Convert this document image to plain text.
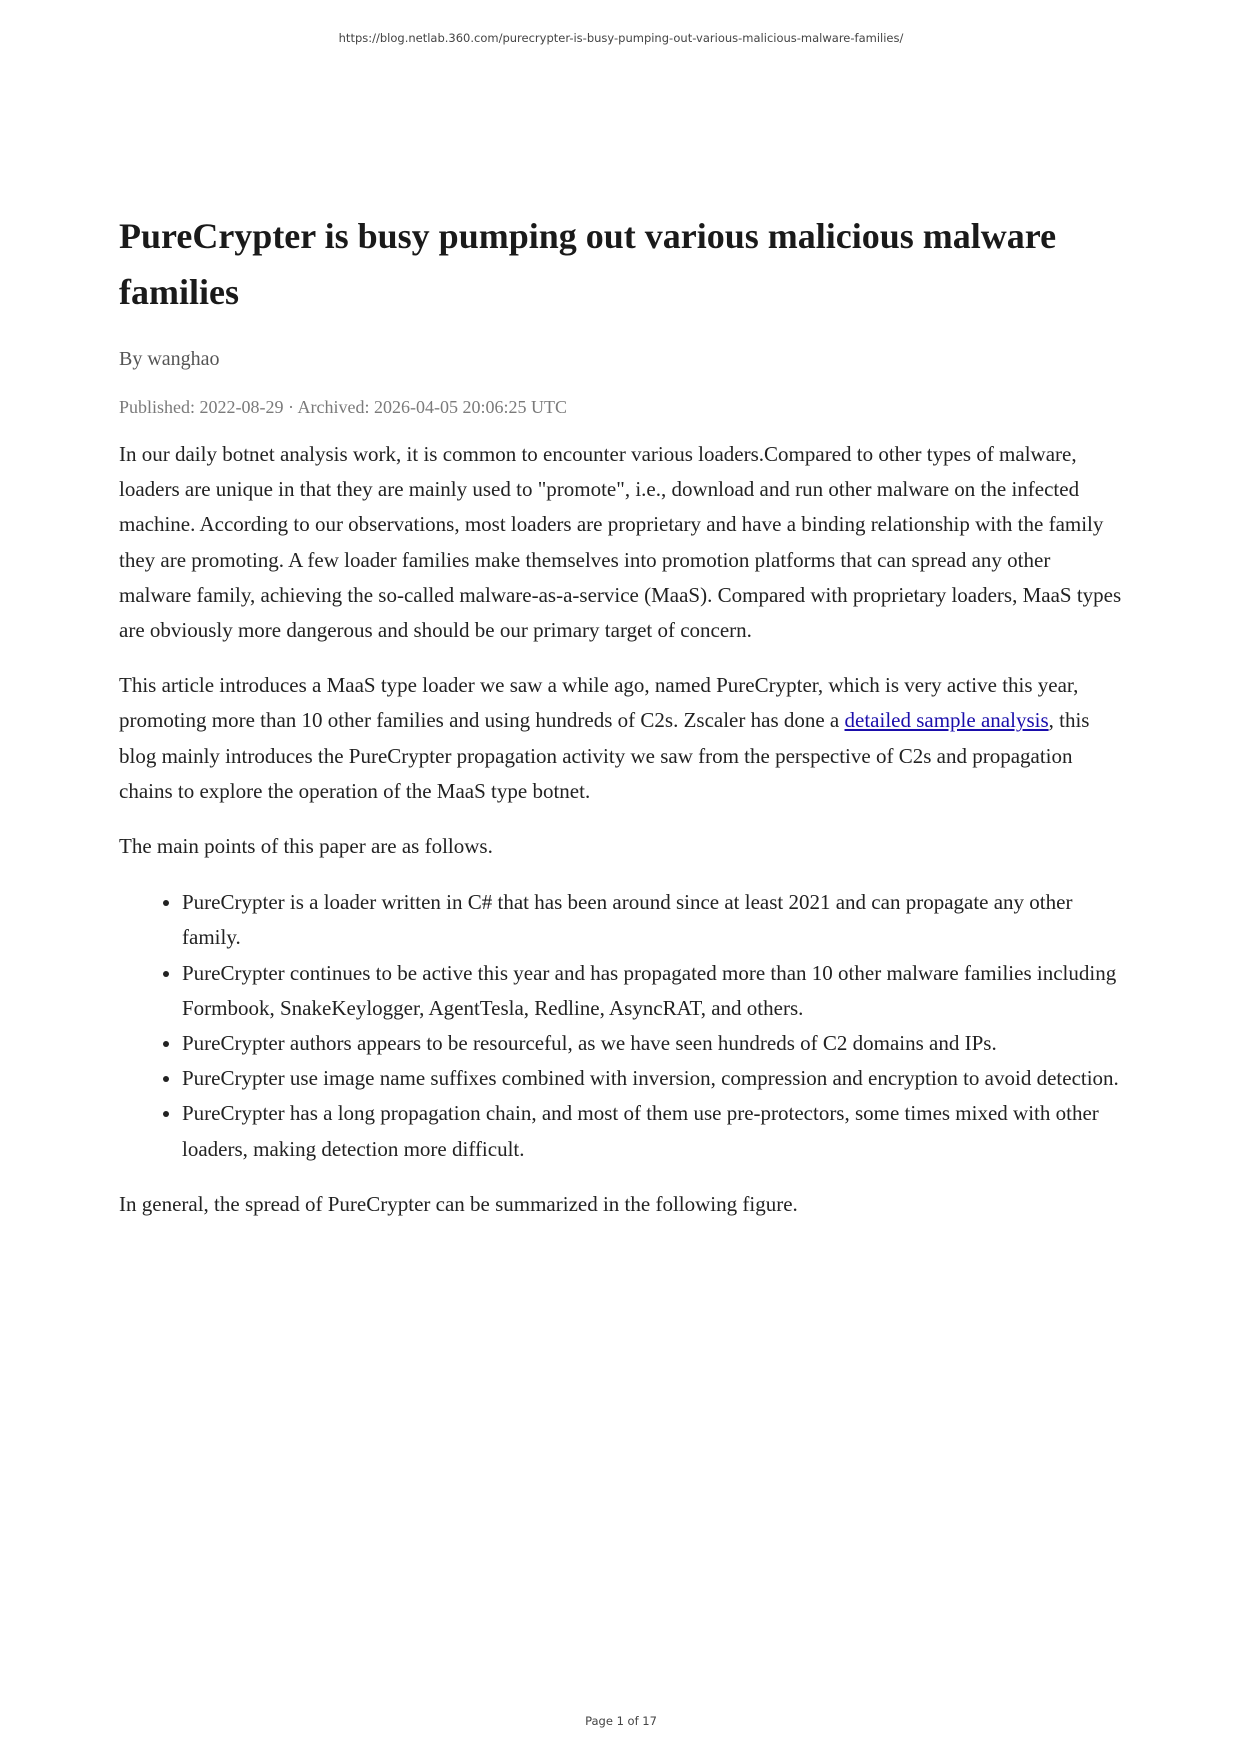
https://blog.netlab.360.com/purecrypter-is-busy-pumping-out-various-malicious-malware-families/
PureCrypter is busy pumping out various malicious malware families

By wanghao

Published: 2022-08-29 · Archived: 2026-04-05 20:06:25 UTC

In our daily botnet analysis work, it is common to encounter various loaders.Compared to other types of malware, loaders are unique in that they are mainly used to "promote", i.e., download and run other malware on the infected machine. According to our observations, most loaders are proprietary and have a binding relationship with the family they are promoting. A few loader families make themselves into promotion platforms that can spread any other malware family, achieving the so-called malware-as-a-service (MaaS). Compared with proprietary loaders, MaaS types are obviously more dangerous and should be our primary target of concern.

This article introduces a MaaS type loader we saw a while ago, named PureCrypter, which is very active this year, promoting more than 10 other families and using hundreds of C2s. Zscaler has done a detailed sample analysis, this blog mainly introduces the PureCrypter propagation activity we saw from the perspective of C2s and propagation chains to explore the operation of the MaaS type botnet.

The main points of this paper are as follows.

• PureCrypter is a loader written in C# that has been around since at least 2021 and can propagate any other family.
• PureCrypter continues to be active this year and has propagated more than 10 other malware families including Formbook, SnakeKeylogger, AgentTesla, Redline, AsyncRAT, and others.
• PureCrypter authors appears to be resourceful, as we have seen hundreds of C2 domains and IPs.
• PureCrypter use image name suffixes combined with inversion, compression and encryption to avoid detection.
• PureCrypter has a long propagation chain, and most of them use pre-protectors, some times mixed with other loaders, making detection more difficult.

In general, the spread of PureCrypter can be summarized in the following figure.

Page 1 of 17
